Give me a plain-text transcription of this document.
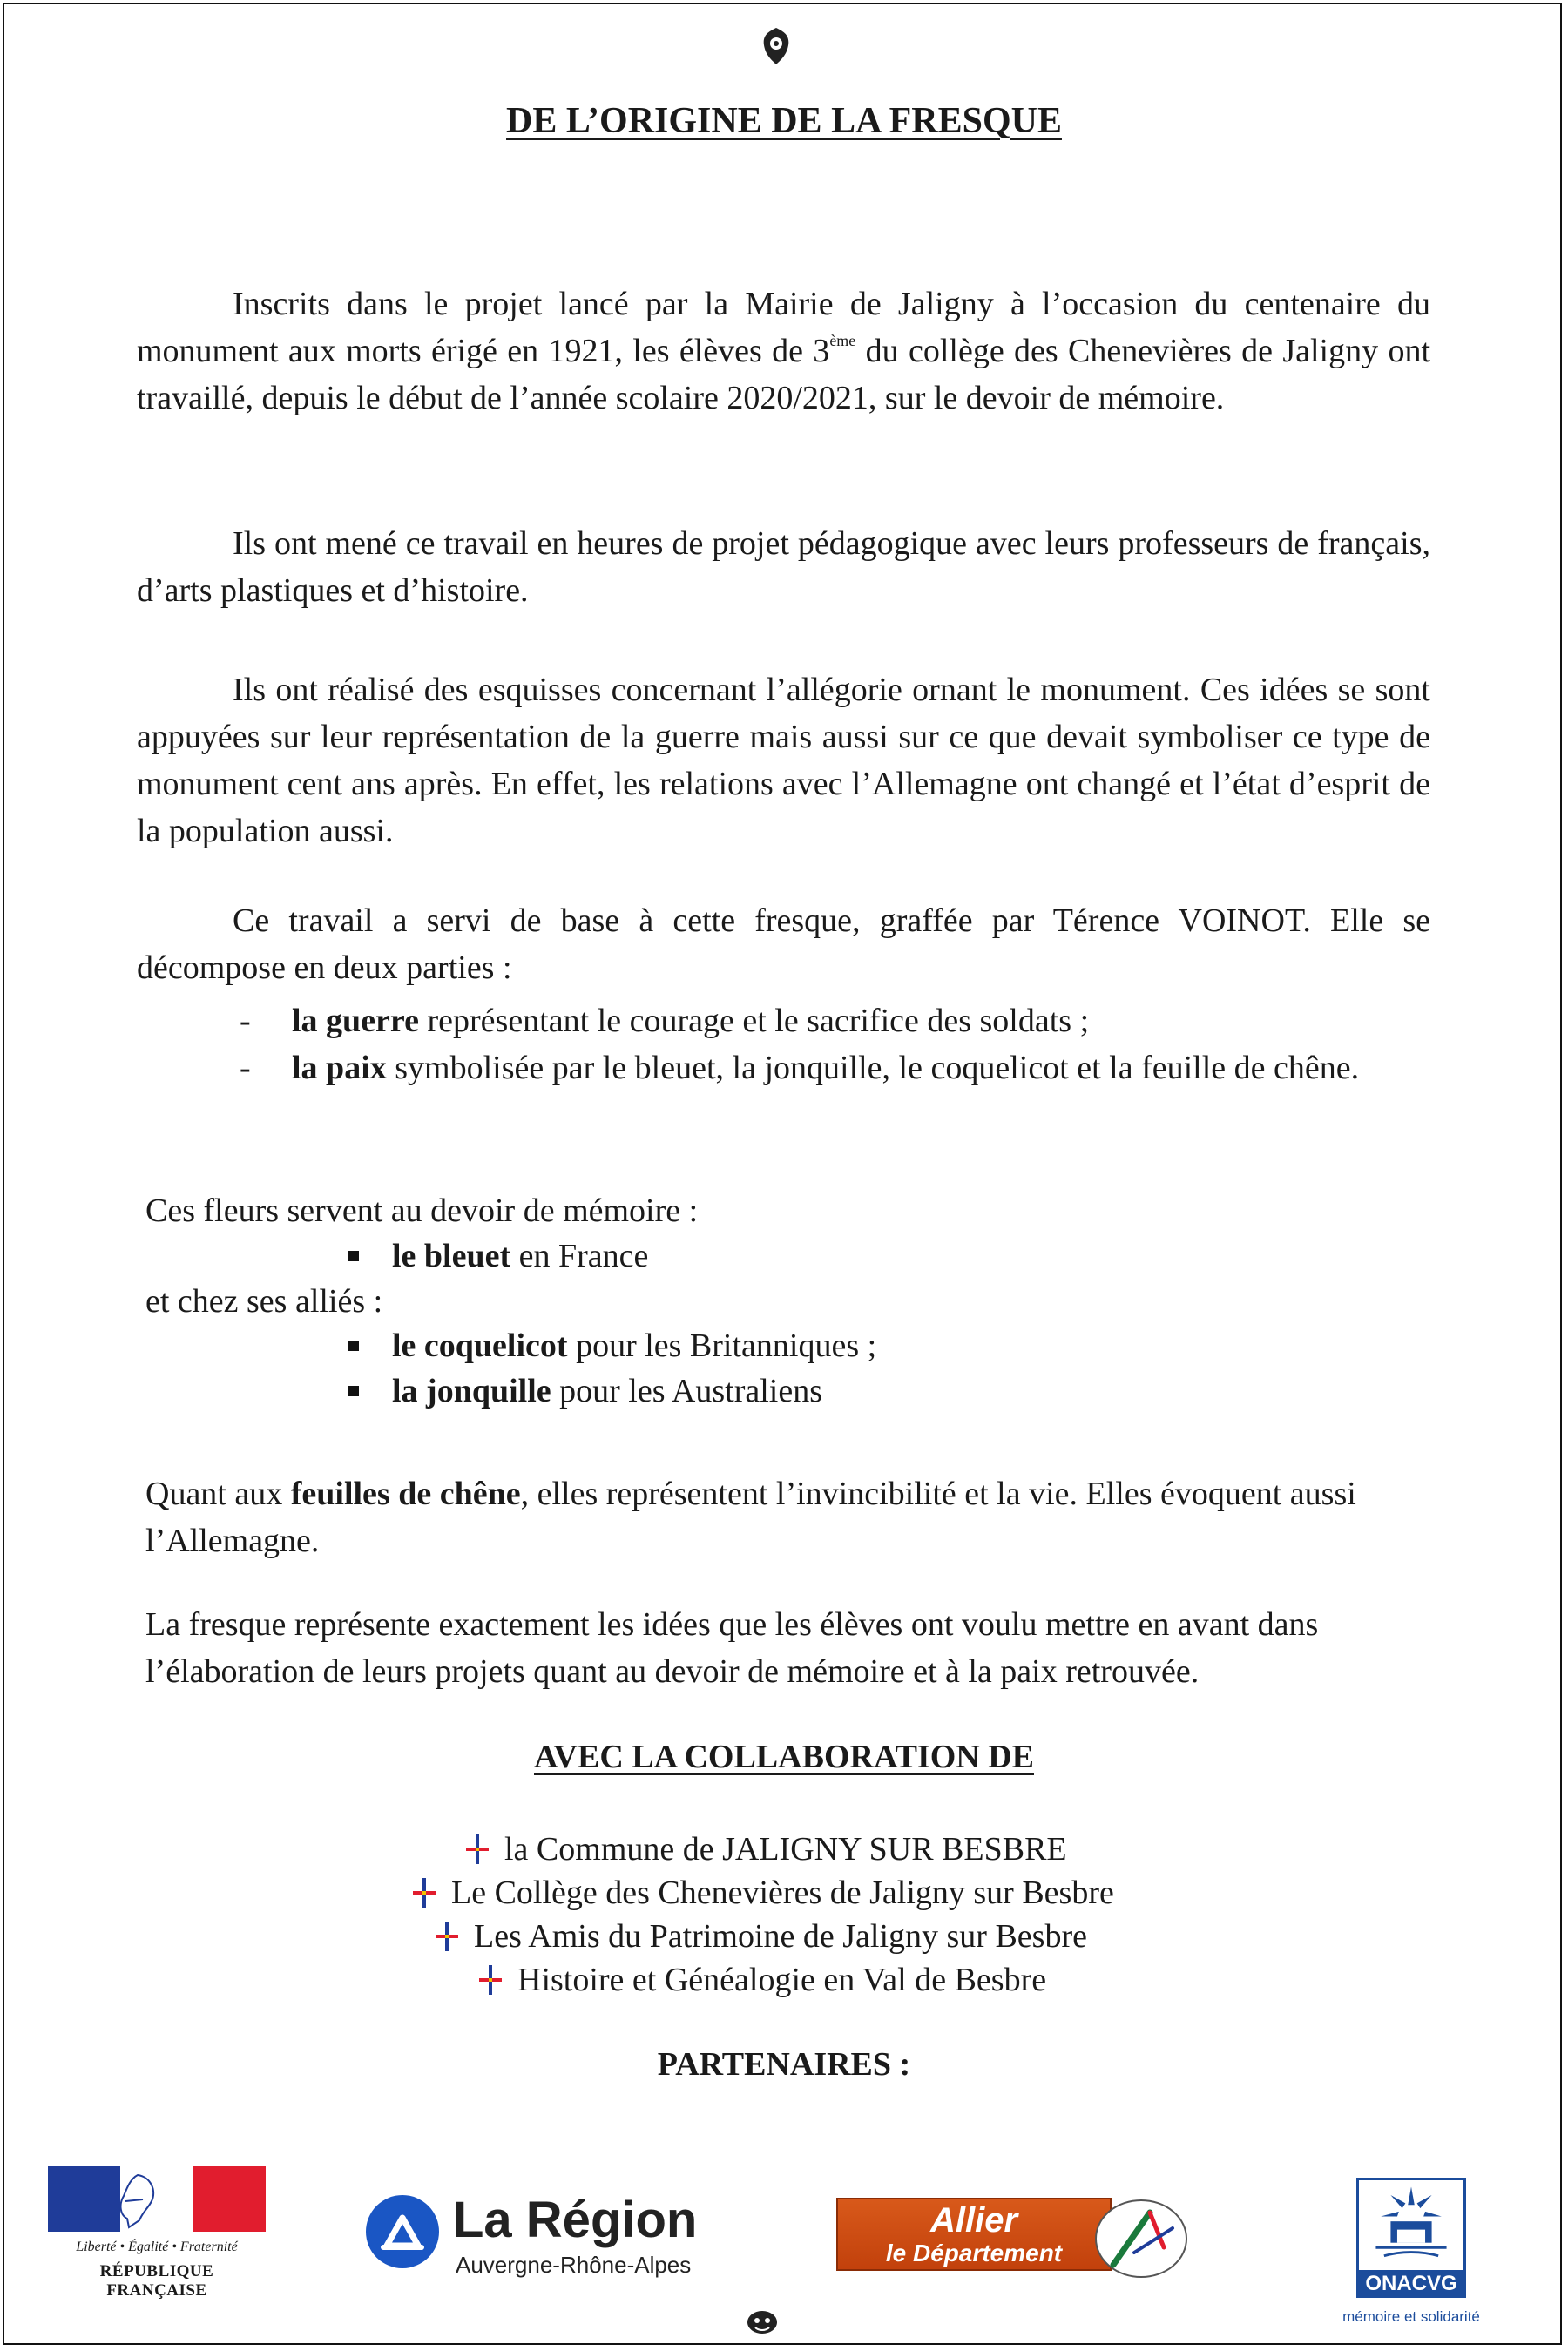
DE L’ORIGINE DE LA FRESQUE

Inscrits dans le projet lancé par la Mairie de Jaligny à l’occasion du centenaire du monument aux morts érigé en 1921, les élèves de 3ème du collège des Chenevières de Jaligny ont travaillé, depuis le début de l’année scolaire 2020/2021, sur le devoir de mémoire.

Ils ont mené ce travail en heures de projet pédagogique avec leurs professeurs de français, d’arts plastiques et d’histoire.

Ils ont réalisé des esquisses concernant l’allégorie ornant le monument. Ces idées se sont appuyées sur leur représentation de la guerre mais aussi sur ce que devait symboliser ce type de monument cent ans après. En effet, les relations avec l’Allemagne ont changé et l’état d’esprit de la population aussi.

Ce travail a servi de base à cette fresque, graffée par Térence VOINOT. Elle se décompose en deux parties :

- la guerre représentant le courage et le sacrifice des soldats ;
- la paix symbolisée par le bleuet, la jonquille, le coquelicot et la feuille de chêne.

Ces fleurs servent au devoir de mémoire :

le bleuet en France

et chez ses alliés :

le coquelicot pour les Britanniques ;
la jonquille pour les Australiens

Quant aux feuilles de chêne, elles représentent l’invincibilité et la vie. Elles évoquent aussi l’Allemagne.

La fresque représente exactement les idées que les élèves ont voulu mettre en avant dans l’élaboration de leurs projets quant au devoir de mémoire et à la paix retrouvée.

AVEC LA COLLABORATION DE
la Commune de JALIGNY SUR BESBRE
Le Collège des Chenevières de Jaligny sur Besbre
Les Amis du Patrimoine de Jaligny sur Besbre
Histoire et Généalogie en Val de Besbre
PARTENAIRES :
Liberté • Égalité • Fraternité
RÉPUBLIQUE FRANÇAISE
La Région
Auvergne-Rhône-Alpes
Allier
le Département
ONACVG
mémoire et solidarité
